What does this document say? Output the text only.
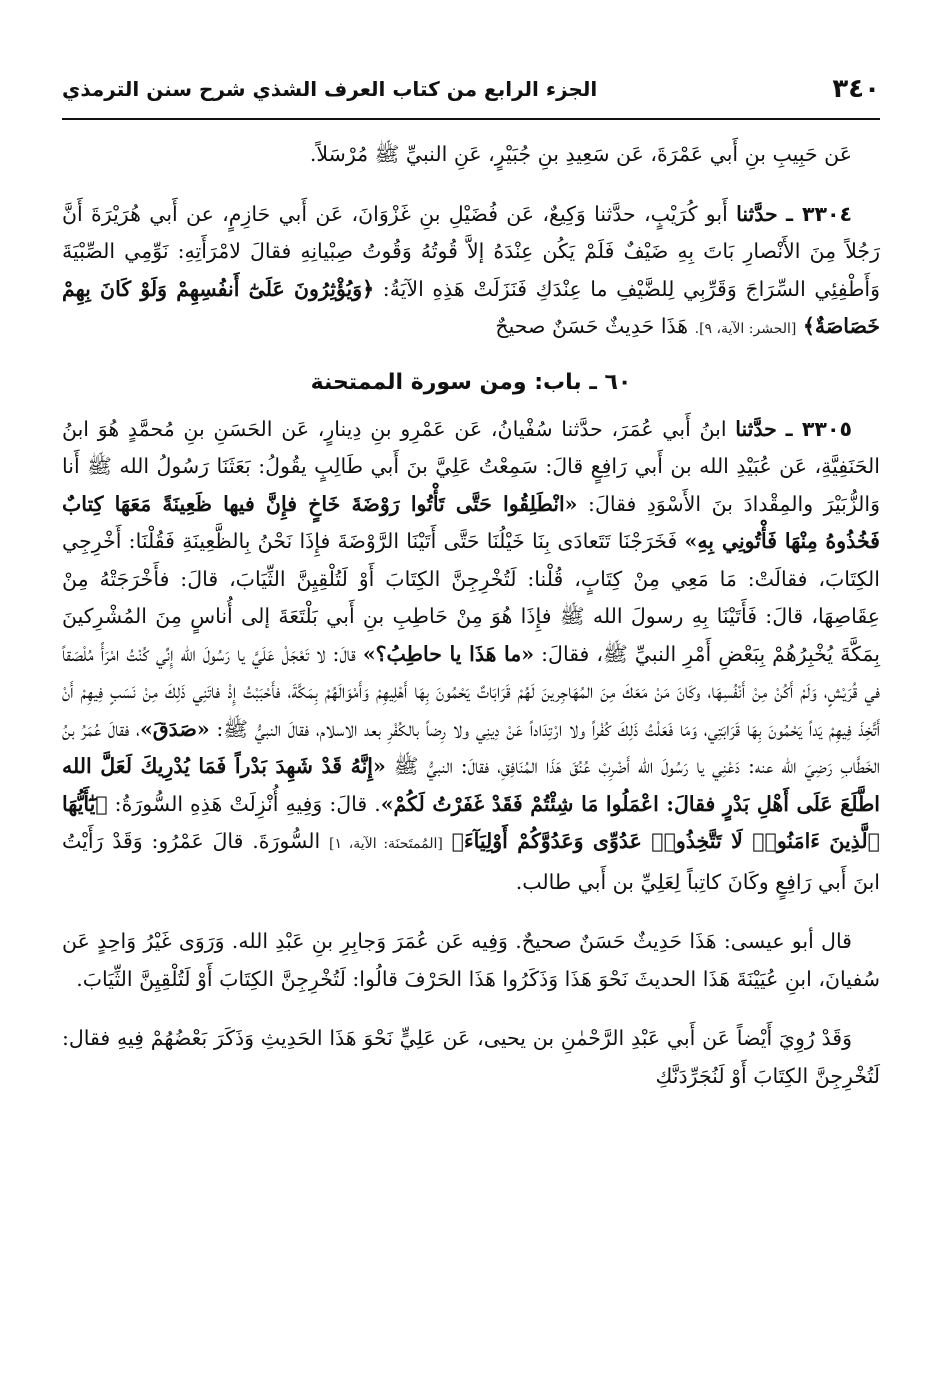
٣٤٠
الجزء الرابع من كتاب العرف الشذي شرح سنن الترمذي

عَن حَبِيبِ بنِ أَبي عَمْرَةَ، عَن سَعِيدِ بنِ جُبَيْرٍ، عَنِ النبيِّ ﷺ مُرْسَلاً.

٣٣٠٤ ـ حدَّثنا أَبو كُرَيْبٍ، حدَّثنا وَكِيعٌ، عَن فُضَيْلِ بنِ غَزْوَانَ، عَن أَبي حَازِمٍ، عن أَبي هُرَيْرَةَ أَنَّ رَجُلاً مِنَ الأَنْصارِ بَاتَ بِهِ ضَيْفٌ فَلَمْ يَكُن عِنْدَهُ إلاَّ قُوتُهُ وَقُوتُ صِبْيانِهِ فقالَ لامْرَأَتِهِ: نَوِّمِي الصِّبْيَةَ وَأَطْفِئِي السِّرَاجَ وَقَرِّبِي لِلضَّيْفِ ما عِنْدَكِ فَنَزَلَتْ هَذِهِ الآيَةُ: ﴿وَيُؤْثِرُونَ عَلَىٰٓ أَنفُسِهِمْ وَلَوْ كَانَ بِهِمْ خَصَاصَةٌ﴾ [الحشر: الآية، ٩]. هَذَا حَدِيثٌ حَسَنٌ صحيحٌ

٦٠ ـ باب: ومن سورة الممتحنة

٣٣٠٥ ـ حدَّثنا ابنُ أَبي عُمَرَ، حدَّثنا سُفْيانُ، عَن عَمْرِو بنِ دِينارٍ، عَن الحَسَنِ بنِ مُحمَّدٍ هُوَ ابنُ الحَنَفِيَّةِ، عَن عُبَيْدِ الله بن أَبي رَافِعٍ قالَ: سَمِعْتُ عَلِيَّ بنَ أَبي طَالِبٍ يقُولُ: بَعَثَنَا رَسُولُ الله ﷺ أَنا وَالزُّبَيْرَ والمِقْدادَ بنَ الأَسْوَدِ فقالَ: «انْطَلِقُوا حَتَّى تَأْتُوا رَوْضَةَ خَاخٍ فإِنَّ فيها ظَعِينَةً مَعَهَا كِتابٌ فَخُذُوهُ مِنْهَا فَأْتُونِي بِهِ» فَخَرَجْنَا تَتَعادَى بِنَا خَيْلُنَا حَتَّى أَتَيْنَا الرَّوْضَةَ فإِذَا نَحْنُ بِالظَّعِينَةِ فَقُلْنَا: أَخْرِجِي الكِتَابَ، فقالَتْ: مَا مَعِي مِنْ كِتَابٍ، قُلْنا: لَتُخْرِجِنَّ الكِتَابَ أَوْ لَتُلْقِيِنَّ الثِّيَابَ، قالَ: فأَخْرَجَتْهُ مِنْ عِقَاصِهَا، قالَ: فَأَتَيْنَا بِهِ رسولَ الله ﷺ فإِذَا هُوَ مِنْ حَاطِبِ بنِ أَبي بَلْتَعَةَ إلى أُناسٍ مِنَ المُشْرِكينَ بِمَكَّةَ يُخْبِرُهُمْ بِبَعْضِ أَمْرِ النبيِّ ﷺ، فقالَ: «ما هَذَا يا حاطِبُ؟» قالَ: لا تَعْجَلْ عَلَيَّ يا رَسُولَ الله إِنِّي كُنْتُ امْرَأً مُلْصَقاً في قُرَيْشٍ، وَلَمْ أَكُنْ مِنْ أَنْفُسِهَا، وكَانَ مَنْ مَعَكَ مِنَ المُهَاجِرينَ لَهُمْ قَرَابَاتٌ يَحْمُونَ بِهَا أَهْلِيهِمْ وَأَمْوَالَهُمْ بِمَكَّةَ، فأَحْبَبْتُ إِذْ فاتَنِي ذَلِكَ مِنْ نَسَبٍ فِيهِمْ أَنْ أَتَّخِذَ فِيهِمْ يَداً يَحْمُونَ بِهَا قَرَابَتِي، وَمَا فَعَلْتُ ذَلِكَ كُفْراً ولا ارْتِدَاداً عَنْ دِينِي ولا رِضاً بالكُفْرِ بعد الاسلام، فقالَ النبيُّ ﷺ: «صَدَقَ»، فقالَ عُمَرُ بنُ الخَطَّابِ رَضِيَ الله عنه: دَعْنِي يا رَسُولَ الله أَضْرِبْ عُنُقَ هَذَا المُنَافِقِ، فقالَ: النبيُّ ﷺ «إِنَّهُ قَدْ شَهِدَ بَدْراً فَمَا يُدْرِيكَ لَعَلَّ الله اطَّلَعَ عَلَى أَهْلِ بَدْرٍ فقالَ: اعْمَلُوا مَا شِئْتُمْ فَقَدْ غَفَرْتُ لَكُمْ». قالَ: وَفِيهِ أُنْزِلَتْ هَذِهِ السُّورَةُ: ﴿يَٰٓأَيُّهَا ٱلَّذِينَ ءَامَنُوا۟ لَا تَتَّخِذُوا۟ عَدُوِّى وَعَدُوَّكُمْ أَوْلِيَآءَ﴾ [المُمتَحنَة: الآية، ١] السُّورَةَ. قالَ عَمْرُو: وَقَدْ رَأَيْتُ ابنَ أَبي رَافِعٍ وكَانَ كاتِباً لِعَلِيِّ بن أَبي طالب.

قال أبو عيسى: هَذَا حَدِيثٌ حَسَنٌ صحيحٌ. وَفِيه عَن عُمَرَ وَجابِرِ بنِ عَبْدِ الله. وَرَوَى غَيْرُ وَاحِدٍ عَن سُفيانَ، ابنِ عُيَيْنَةَ هَذَا الحديثَ نَحْوَ هَذَا وَذَكَرُوا هَذَا الحَرْفَ قالُوا: لَتُخْرِجِنَّ الكِتَابَ أَوْ لَتُلْقِيِنَّ الثِّيَابَ.

وَقَدْ رُوِيَ أَيْضاً عَن أَبي عَبْدِ الرَّحْمٰنِ بن يحيى، عَن عَلِيٍّ نَحْوَ هَذَا الحَدِيثِ وَذَكَرَ بَعْضُهُمْ فِيهِ فقال: لَتُخْرِجِنَّ الكِتَابَ أَوْ لَنُجَرِّدَنَّكِ
